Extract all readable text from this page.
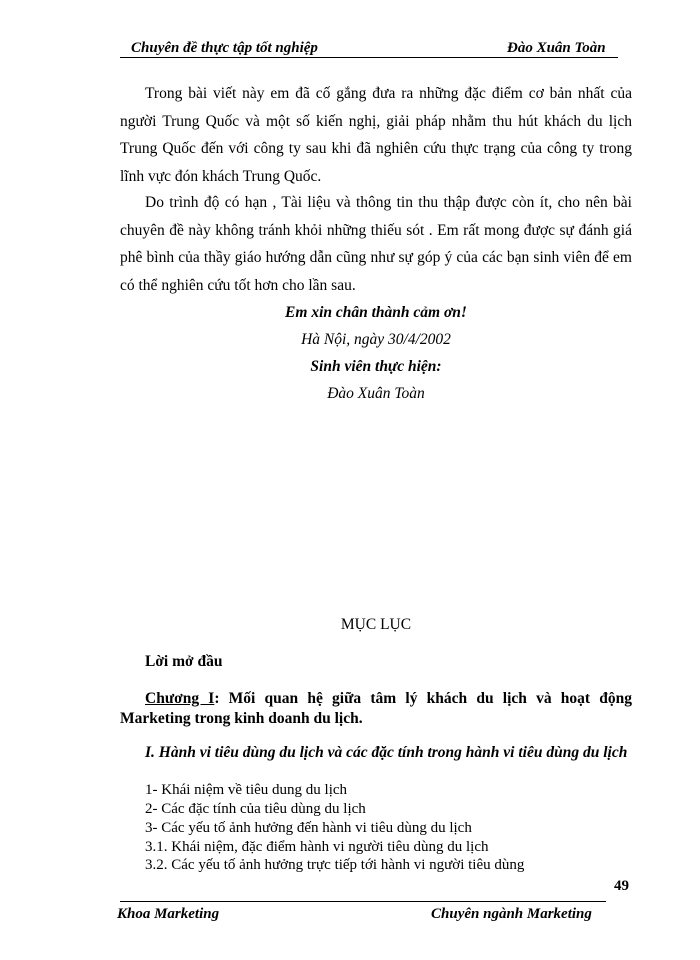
Chuyên đề thực tập tốt nghiệp	Đào Xuân Toàn
Trong bài viết này em đã cố gắng đưa ra những đặc điểm cơ bản nhất của người Trung Quốc và một số kiến nghị, giải pháp nhằm thu hút khách du lịch Trung Quốc đến với công ty sau khi đã nghiên cứu thực trạng của công ty trong lĩnh vực đón khách Trung Quốc.
Do trình độ có hạn , Tài liệu và thông tin thu thập được còn ít, cho nên bài chuyên đề này không tránh khỏi những thiếu sót . Em rất mong được sự đánh giá phê bình của thầy giáo hướng dẫn cũng như sự góp ý của các bạn sinh viên để em có thể nghiên cứu tốt hơn cho lần sau.
Em xin chân thành cảm ơn!
Hà Nội, ngày 30/4/2002
Sinh viên thực hiện:
Đào Xuân Toàn
MỤC LỤC
Lời mở đầu
Chương I: Mối quan hệ giữa tâm lý khách du lịch và hoạt động Marketing trong kinh doanh du lịch.
I. Hành vi tiêu dùng du lịch và các đặc tính trong hành vi tiêu dùng du lịch
1- Khái niệm về tiêu dung du lịch
2- Các đặc tính của tiêu dùng du lịch
3- Các yếu tố ảnh hưởng đến hành vi tiêu dùng du lịch
3.1. Khái niệm, đặc điểm hành vi người tiêu dùng du lịch
3.2. Các yếu tố ảnh hưởng trực tiếp tới hành vi người tiêu dùng
49
Khoa Marketing	Chuyên ngành Marketing
